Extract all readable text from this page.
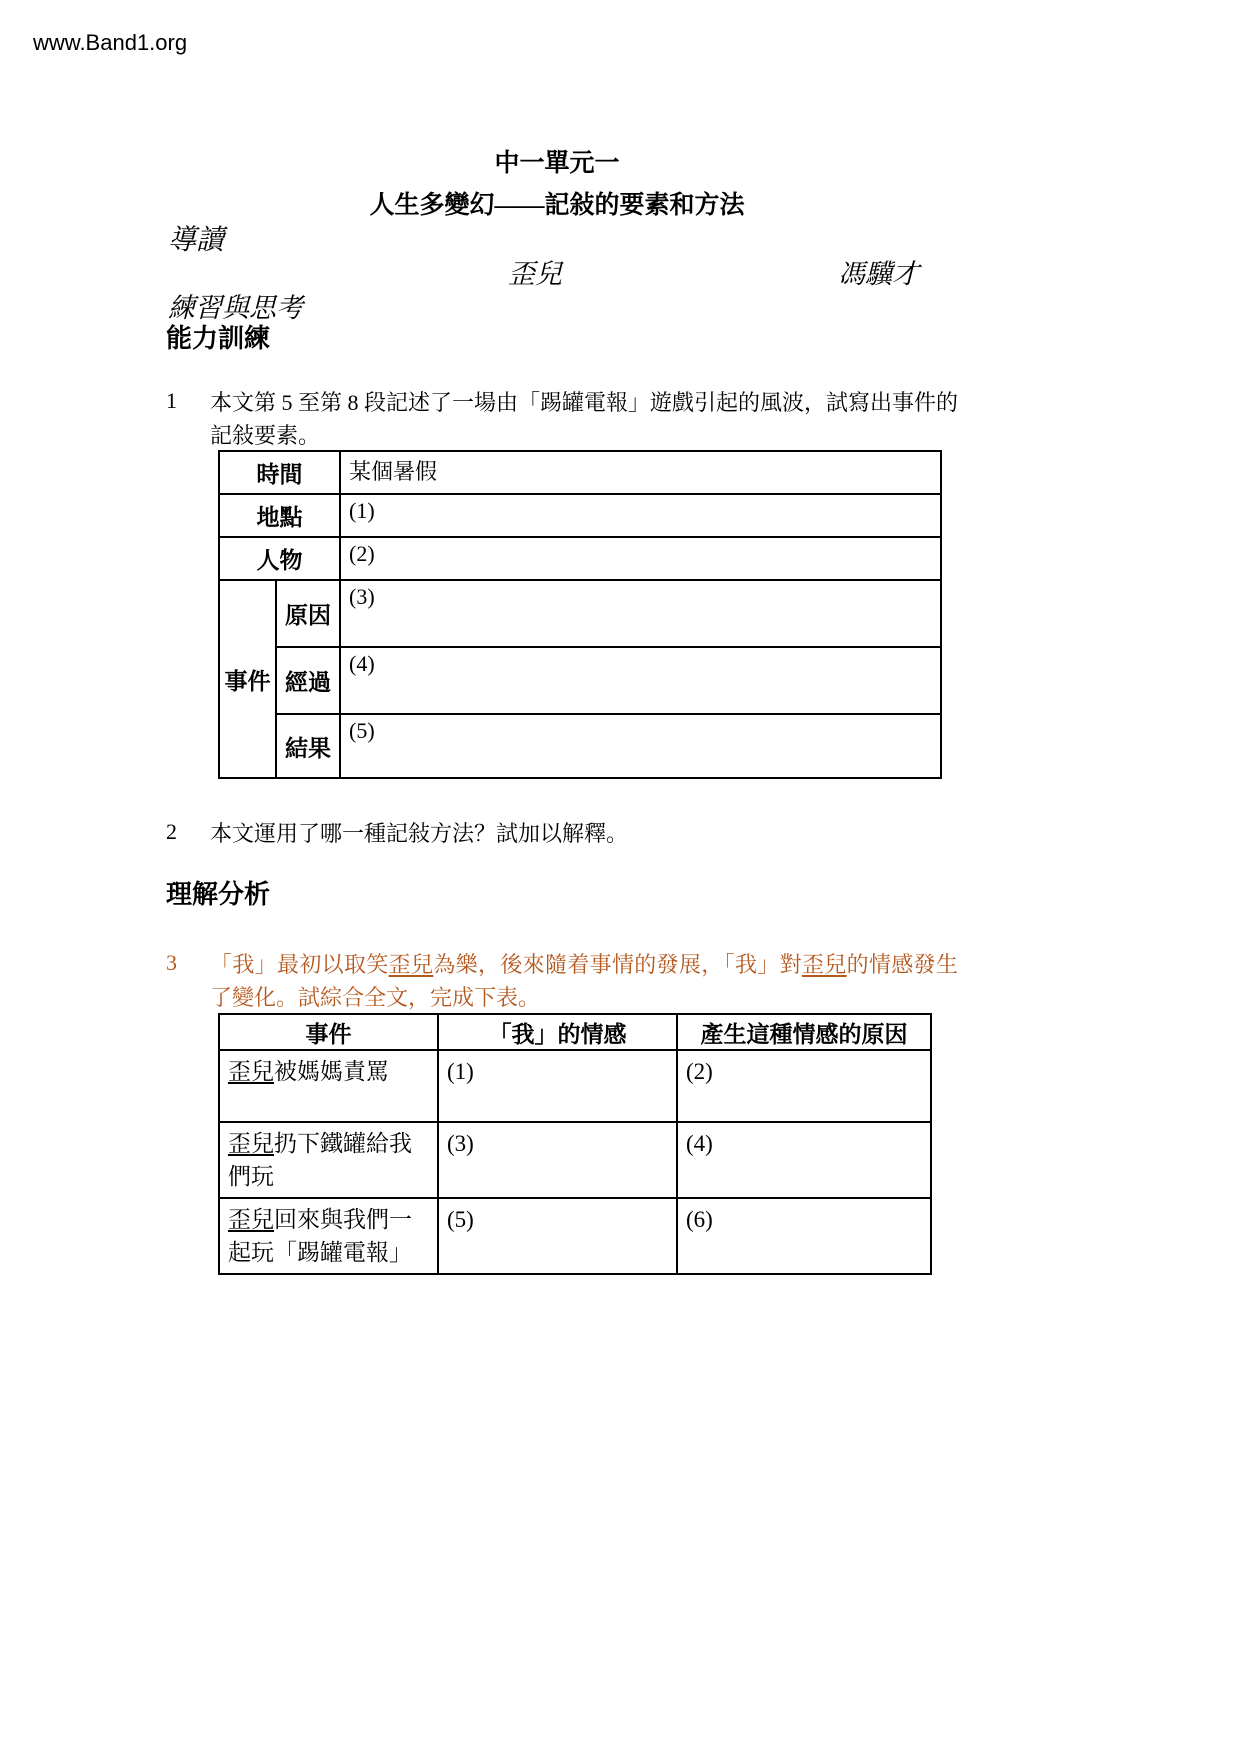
www.Band1.org
中一單元一
人生多變幻——記敍的要素和方法
導讀
歪兒	馮驥才
練習與思考
能力訓練
1 本文第 5 至第 8 段記述了一場由「踢罐電報」遊戲引起的風波，試寫出事件的記敍要素。
時間		某個暑假
地點		(1)
人物		(2)
事件	原因	(3)
	經過	(4)
	結果	(5)
2 本文運用了哪一種記敍方法？試加以解釋。
理解分析
3 「我」最初以取笑歪兒為樂，後來隨着事情的發展，「我」對歪兒的情感發生了變化。試綜合全文，完成下表。
事件	「我」的情感	產生這種情感的原因
歪兒被媽媽責罵	(1)	(2)
歪兒扔下鐵罐給我們玩	(3)	(4)
歪兒回來與我們一起玩「踢罐電報」	(5)	(6)
